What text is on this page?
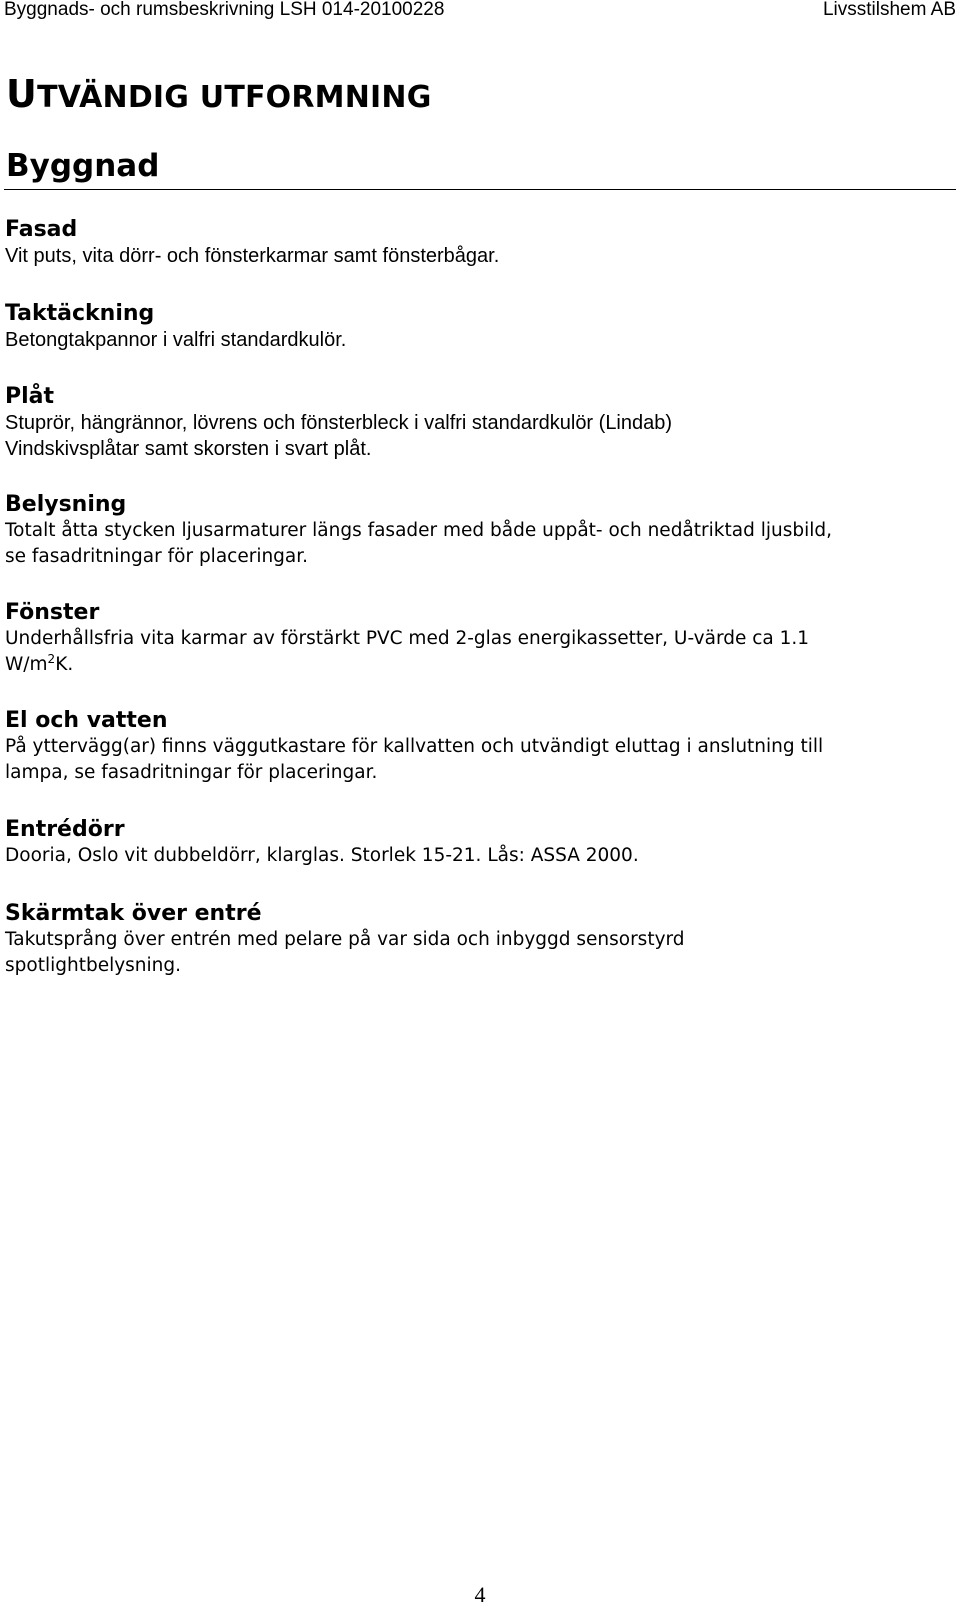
Byggnads- och rumsbeskrivning LSH 014-20100228	Livsstilshem AB
UTVÄNDIG UTFORMNING
Byggnad
Fasad

Vit puts, vita dörr- och fönsterkarmar samt fönsterbågar.

Taktäckning

Betongtakpannor i valfri standardkulör.

Plåt

Stuprör, hängrännor, lövrens och fönsterbleck i valfri standardkulör (Lindab)

Vindskivsplåtar samt skorsten i svart plåt.

Belysning

Totalt åtta stycken ljusarmaturer längs fasader med både uppåt- och nedåtriktad ljusbild,

se fasadritningar för placeringar.

Fönster

Underhållsfria vita karmar av förstärkt PVC med 2-glas energikassetter, U-värde ca 1.1

$W/m^2K$.

El och vatten

På yttervägg(ar) finns väggutkastare för kallvatten och utvändigt eluttag i anslutning till

lampa, se fasadritningar för placeringar.

Entrédörr

Dooria, Oslo vit dubbeldörr, klarglas. Storlek 15-21. Lås: ASSA 2000.

Skärmtak över entré

Takutsprång över entrén med pelare på var sida och inbyggd sensorstyrd

spotlightbelysning.

4
